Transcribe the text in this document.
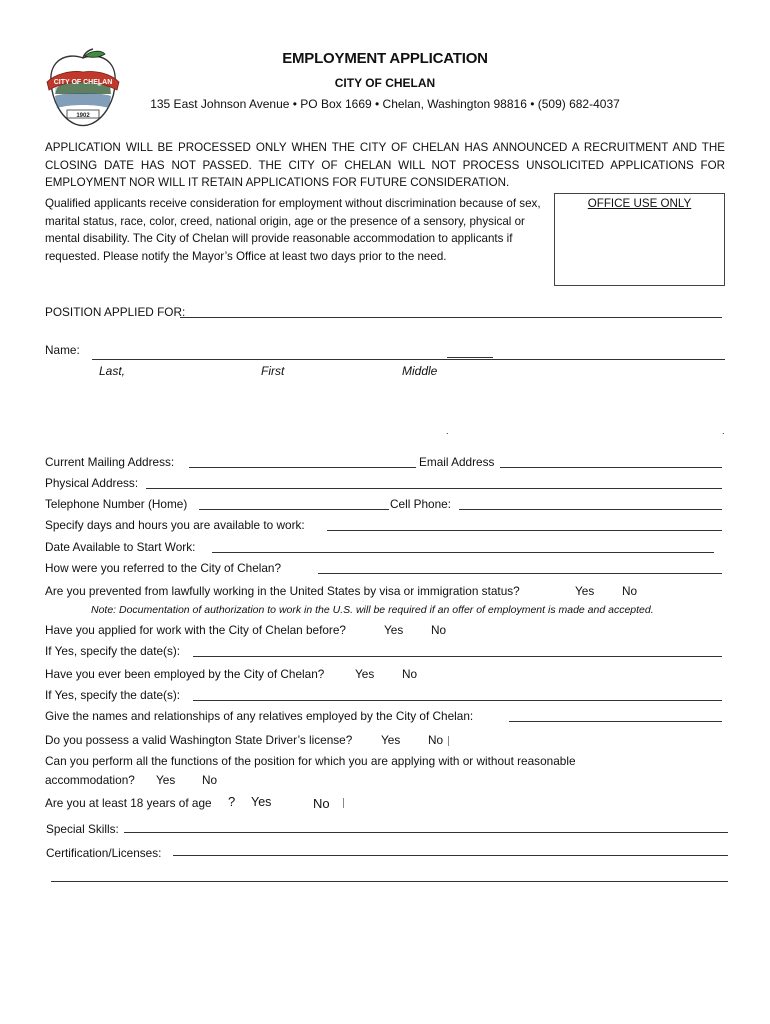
CITY OF CHELAN
1902
EMPLOYMENT APPLICATION
CITY OF CHELAN
135 East Johnson Avenue • PO Box 1669 • Chelan, Washington 98816 • (509) 682-4037
APPLICATION WILL BE PROCESSED ONLY WHEN THE CITY OF CHELAN HAS ANNOUNCED A RECRUITMENT AND THE CLOSING DATE HAS NOT PASSED. THE CITY OF CHELAN WILL NOT PROCESS UNSOLICITED APPLICATIONS FOR EMPLOYMENT NOR WILL IT RETAIN APPLICATIONS FOR FUTURE CONSIDERATION.
Qualified applicants receive consideration for employment without discrimination because of sex, marital status, race, color, creed, national origin, age or the presence of a sensory, physical or mental disability. The City of Chelan will provide reasonable accommodation to applicants if requested. Please notify the Mayor’s Office at least two days prior to the need.
OFFICE USE ONLY
POSITION APPLIED FOR:
Name:
Last,	First	Middle
.	.
Current Mailing Address:	Email Address
Physical Address:
Telephone Number (Home)	Cell Phone:
Specify days and hours you are available to work:
Date Available to Start Work:
How were you referred to the City of Chelan?
Are you prevented from lawfully working in the United States by visa or immigration status?	Yes No
Note: Documentation of authorization to work in the U.S. will be required if an offer of employment is made and accepted.
Have you applied for work with the City of Chelan before?	Yes No
If Yes, specify the date(s):
Have you ever been employed by the City of Chelan?	Yes No
If Yes, specify the date(s):
Give the names and relationships of any relatives employed by the City of Chelan:
Do you possess a valid Washington State Driver’s license? Yes No
Can you perform all the functions of the position for which you are applying with or without reasonable
accommodation? Yes No
Are you at least 18 years of age ? Yes	No
Special Skills:
Certification/Licenses:
